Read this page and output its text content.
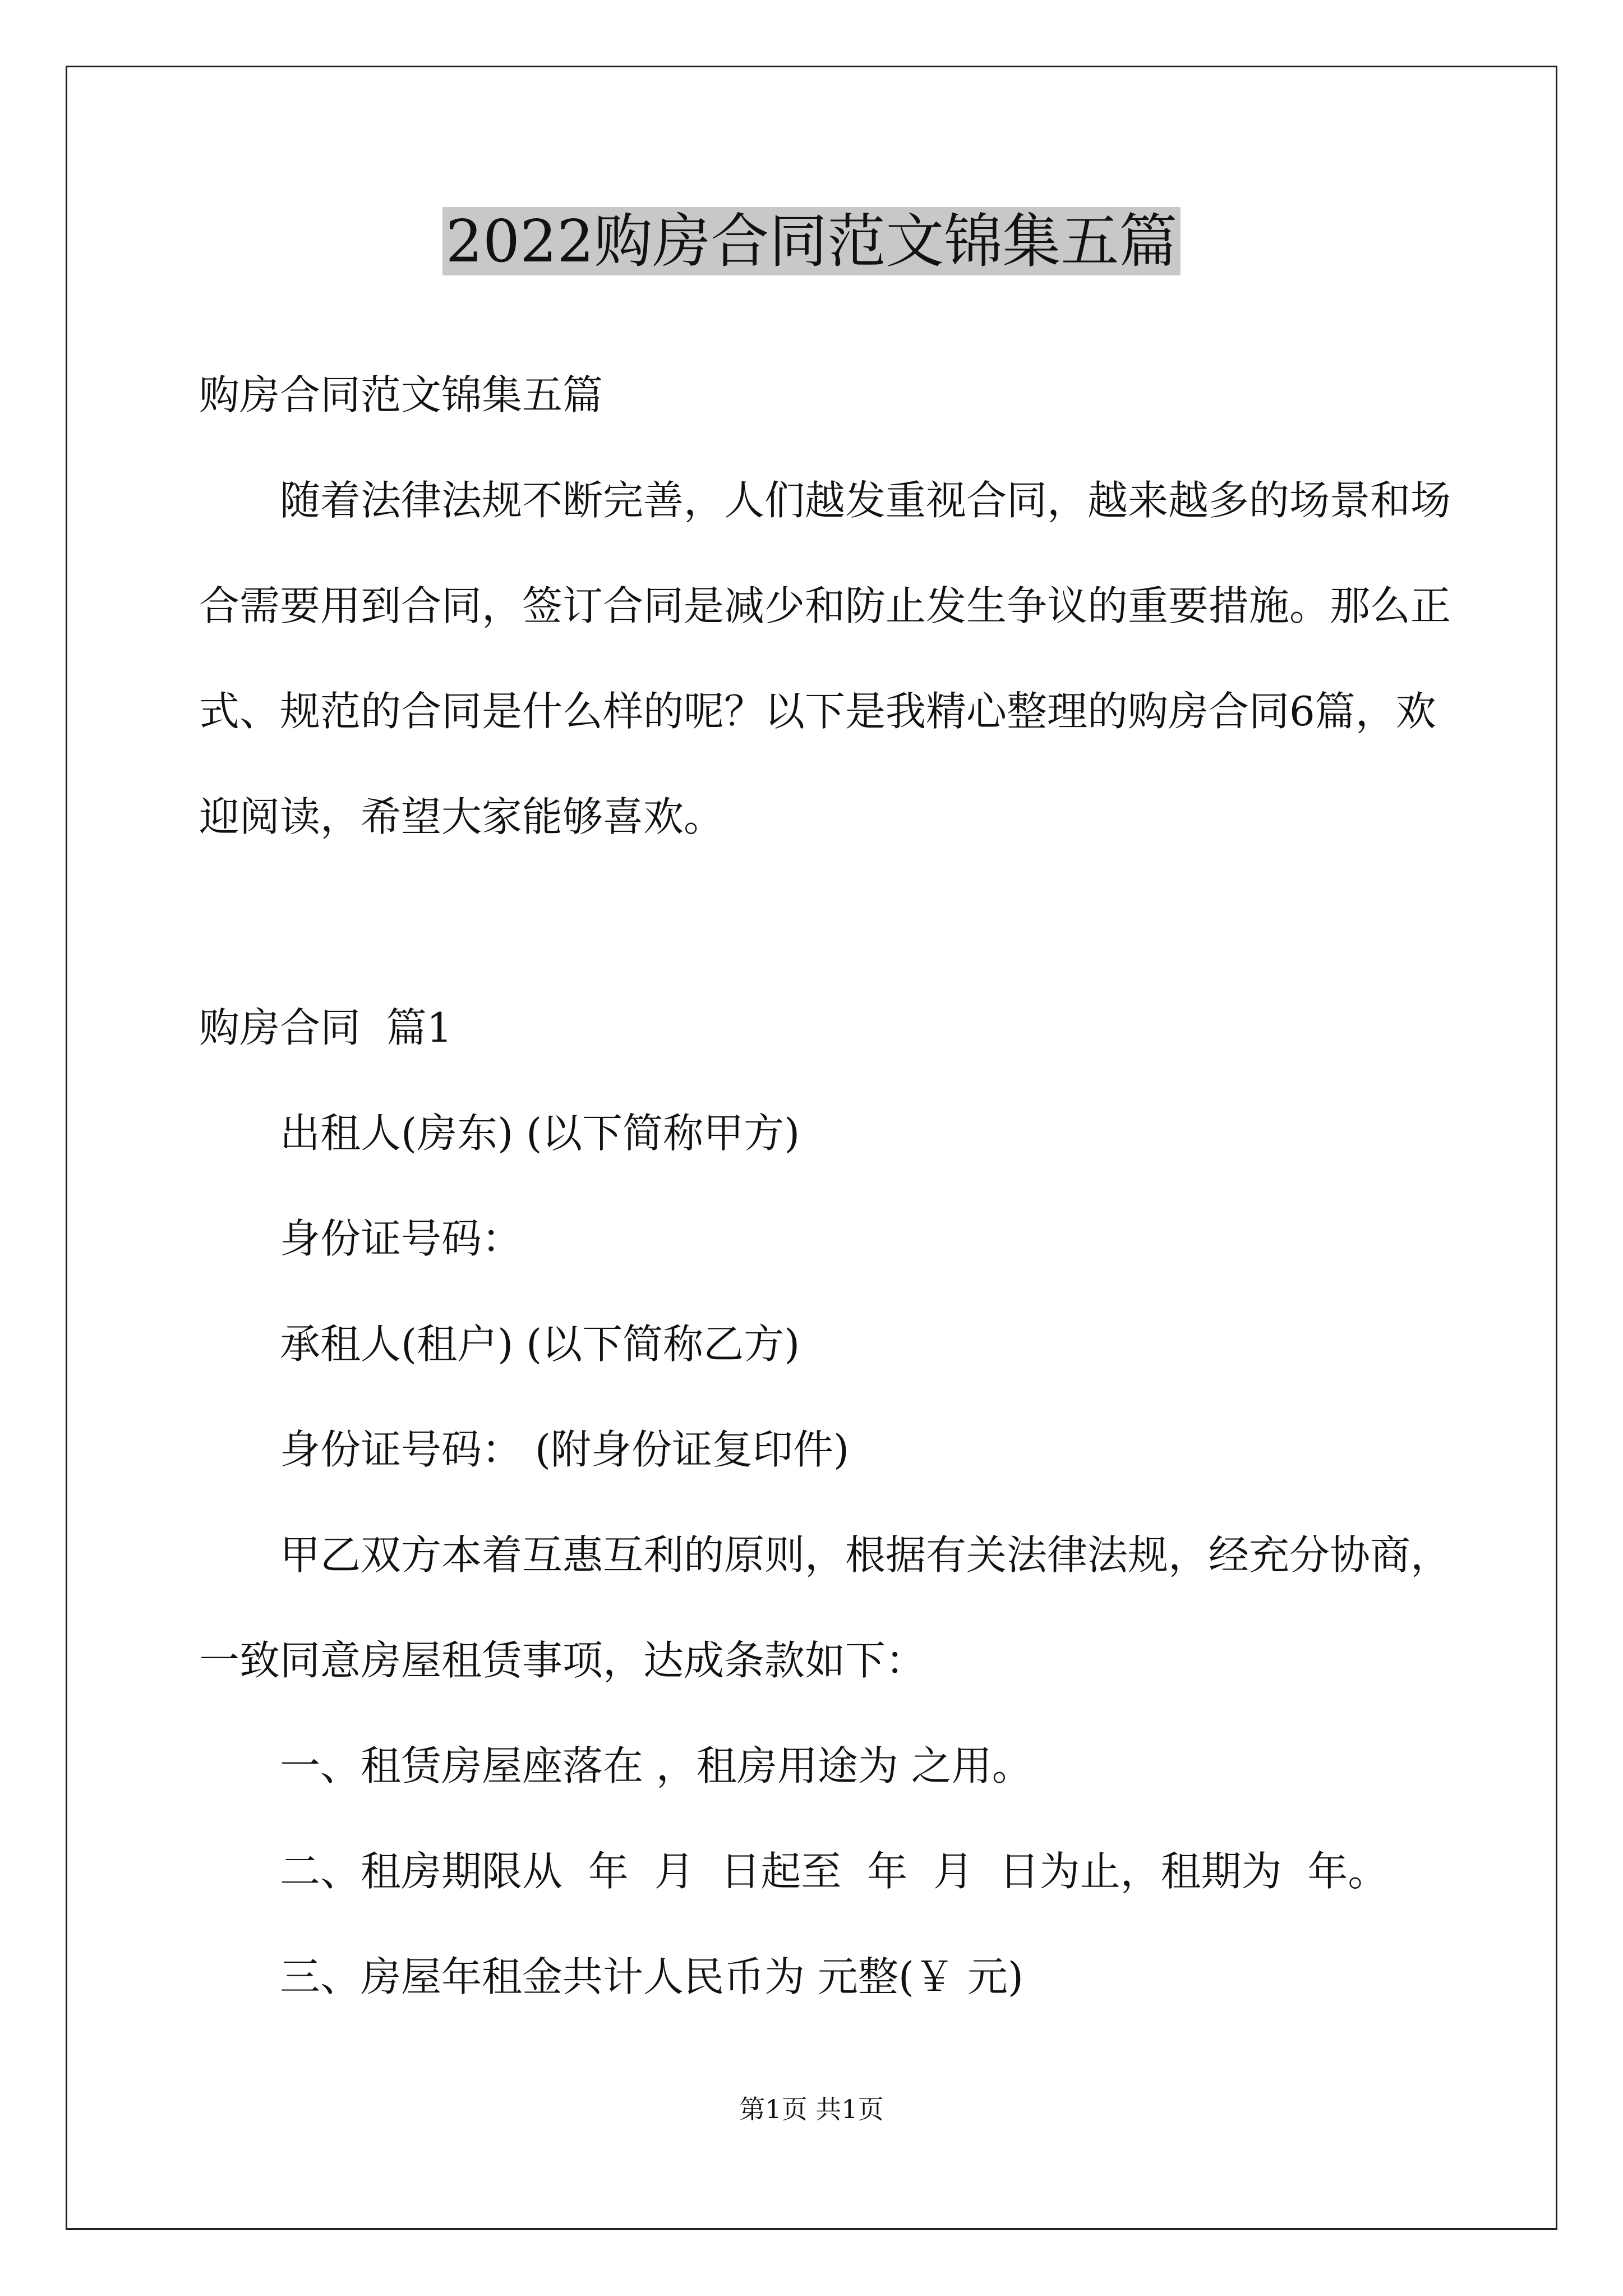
2022购房合同范文锦集五篇

购房合同范文锦集五篇

随着法律法规不断完善，人们越发重视合同，越来越多的场景和场合需要用到合同，签订合同是减少和防止发生争议的重要措施。那么正式、规范的合同是什么样的呢？以下是我精心整理的购房合同6篇，欢迎阅读，希望大家能够喜欢。

购房合同  篇1

出租人(房东) (以下简称甲方)

身份证号码：

承租人(租户) (以下简称乙方)

身份证号码： (附身份证复印件)

甲乙双方本着互惠互利的原则，根据有关法律法规，经充分协商，一致同意房屋租赁事项，达成条款如下：

一、租赁房屋座落在 ，租房用途为 之用。

二、租房期限从  年  月  日起至  年  月  日为止，租期为  年。

三、房屋年租金共计人民币为 元整(￥ 元)

第1页 共1页
